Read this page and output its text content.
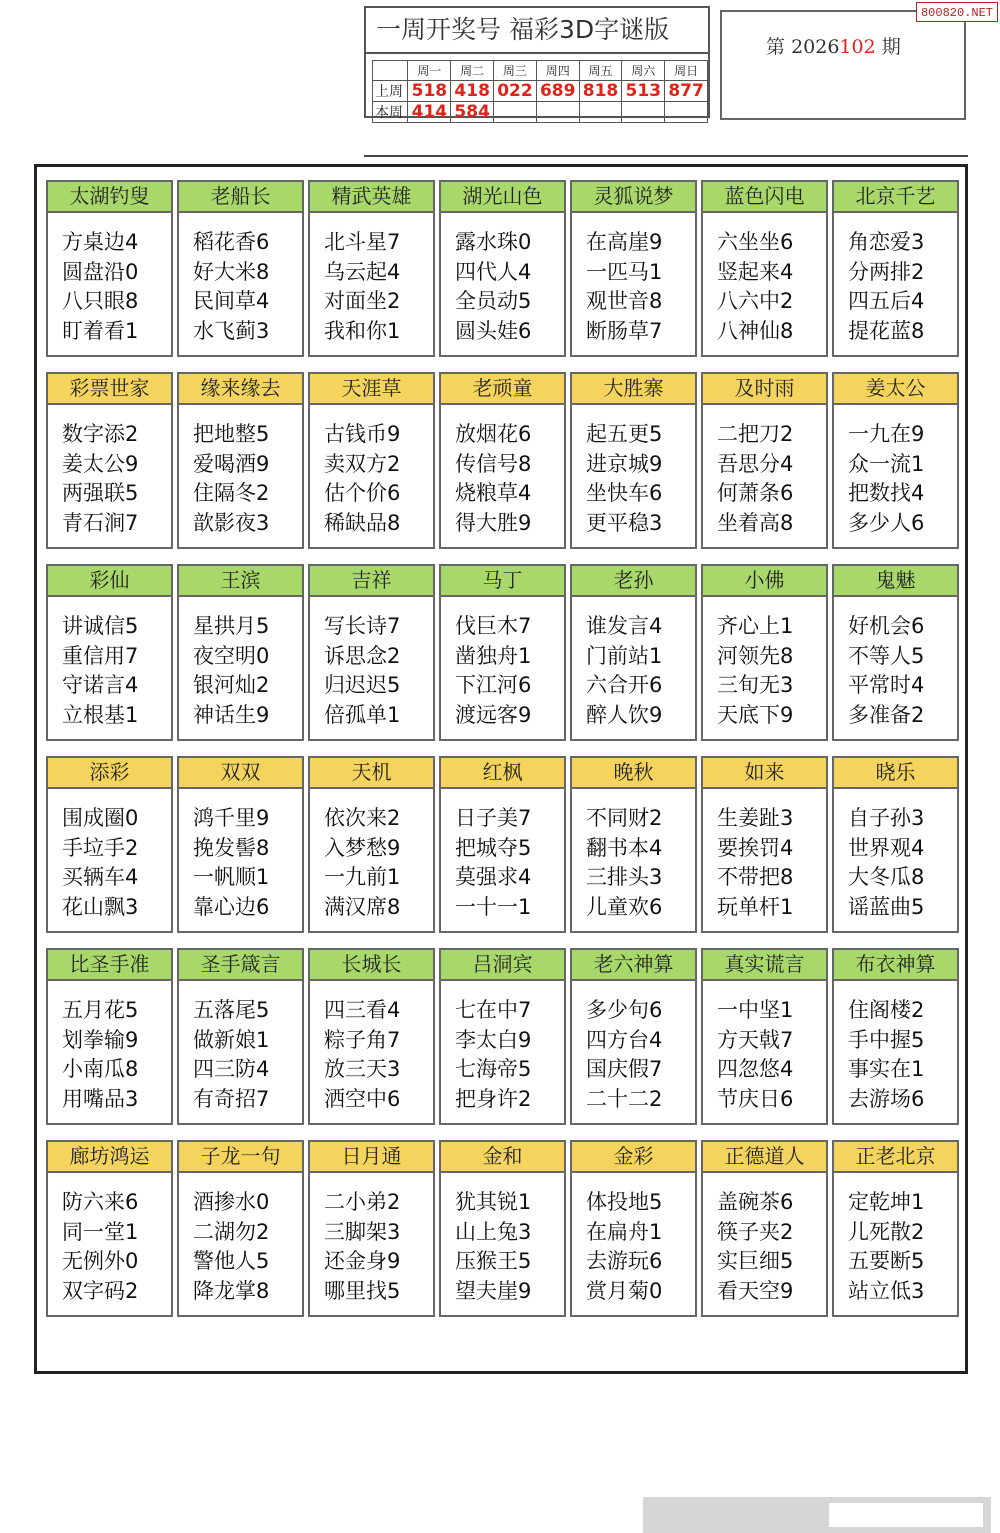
一周开奖号 福彩3D字谜版
	周一	周二	周三	周四	周五	周六	周日
上周	518	418	022	689	818	513	877
本周	414	584					
第 2026102 期
800820.NET
太湖钓叟
方桌边4
圆盘沿0
八只眼8
盯着看1
老船长
稻花香6
好大米8
民间草4
水飞蓟3
精武英雄
北斗星7
乌云起4
对面坐2
我和你1
湖光山色
露水珠0
四代人4
全员动5
圆头娃6
灵狐说梦
在高崖9
一匹马1
观世音8
断肠草7
蓝色闪电
六坐坐6
竖起来4
八六中2
八神仙8
北京千艺
角恋爱3
分两排2
四五后4
提花蓝8
彩票世家
数字添2
姜太公9
两强联5
青石涧7
缘来缘去
把地整5
爱喝酒9
住隔冬2
歆影夜3
天涯草
古钱币9
卖双方2
估个价6
稀缺品8
老顽童
放烟花6
传信号8
烧粮草4
得大胜9
大胜寨
起五更5
进京城9
坐快车6
更平稳3
及时雨
二把刀2
吾思分4
何萧条6
坐着高8
姜太公
一九在9
众一流1
把数找4
多少人6
彩仙
讲诚信5
重信用7
守诺言4
立根基1
王滨
星拱月5
夜空明0
银河灿2
神话生9
吉祥
写长诗7
诉思念2
归迟迟5
倍孤单1
马丁
伐巨木7
凿独舟1
下江河6
渡远客9
老孙
谁发言4
门前站1
六合开6
醉人饮9
小佛
齐心上1
河领先8
三旬无3
天底下9
鬼魅
好机会6
不等人5
平常时4
多准备2
添彩
围成圈0
手垃手2
买辆车4
花山飘3
双双
鸿千里9
挽发髻8
一帆顺1
靠心边6
天机
依次来2
入梦愁9
一九前1
满汉席8
红枫
日子美7
把城夺5
莫强求4
一十一1
晚秋
不同财2
翻书本4
三排头3
儿童欢6
如来
生姜趾3
要挨罚4
不带把8
玩单杆1
晓乐
自子孙3
世界观4
大冬瓜8
谣蓝曲5
比圣手准
五月花5
划拳输9
小南瓜8
用嘴品3
圣手箴言
五落尾5
做新娘1
四三防4
有奇招7
长城长
四三看4
粽子角7
放三天3
洒空中6
吕洞宾
七在中7
李太白9
七海帝5
把身许2
老六神算
多少句6
四方台4
国庆假7
二十二2
真实谎言
一中坚1
方天戟7
四忽悠4
节庆日6
布衣神算
住阁楼2
手中握5
事实在1
去游场6
廊坊鸿运
防六来6
同一堂1
无例外0
双字码2
子龙一句
酒掺水0
二湖勿2
警他人5
降龙掌8
日月通
二小弟2
三脚架3
还金身9
哪里找5
金和
犹其锐1
山上兔3
压猴王5
望夫崖9
金彩
体投地5
在扁舟1
去游玩6
赏月菊0
正德道人
盖碗茶6
筷子夹2
实巨细5
看天空9
正老北京
定乾坤1
儿死散2
五要断5
站立低3
